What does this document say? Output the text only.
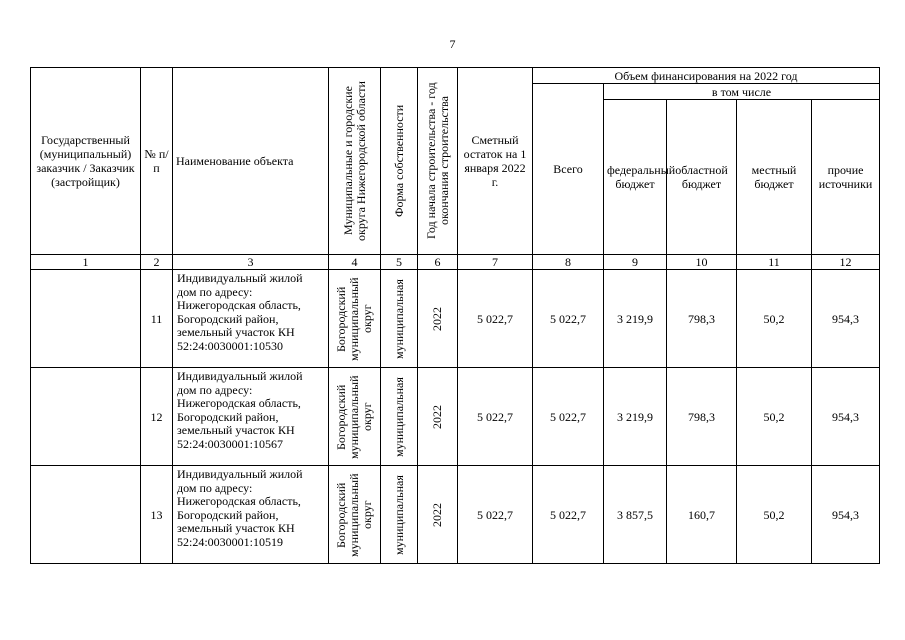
7
Государственный (муниципальный) заказчик / Заказчик (застройщик)	№ п/п	Наименование объекта	Муниципальные и городские округа Нижегородской области	Форма собственности	Год начала строительства - год окончания строительства	Сметный остаток на 1 января 2022 г.	Объем финансирования на 2022 год				
							Всего	в том числе			
								федеральный бюджет	областной бюджет	местный бюджет	прочие источники
1	2	3	4	5	6	7	8	9	10	11	12
	11	Индивидуальный жилой дом по адресу: Нижегородская область, Богородский район, земельный участок КН 52:24:0030001:10530	Богородский муниципальный округ	муниципальная	2022	5 022,7	5 022,7	3 219,9	798,3	50,2	954,3
	12	Индивидуальный жилой дом по адресу: Нижегородская область, Богородский район, земельный участок КН 52:24:0030001:10567	Богородский муниципальный округ	муниципальная	2022	5 022,7	5 022,7	3 219,9	798,3	50,2	954,3
	13	Индивидуальный жилой дом по адресу: Нижегородская область, Богородский район, земельный участок КН 52:24:0030001:10519	Богородский муниципальный округ	муниципальная	2022	5 022,7	5 022,7	3 857,5	160,7	50,2	954,3
